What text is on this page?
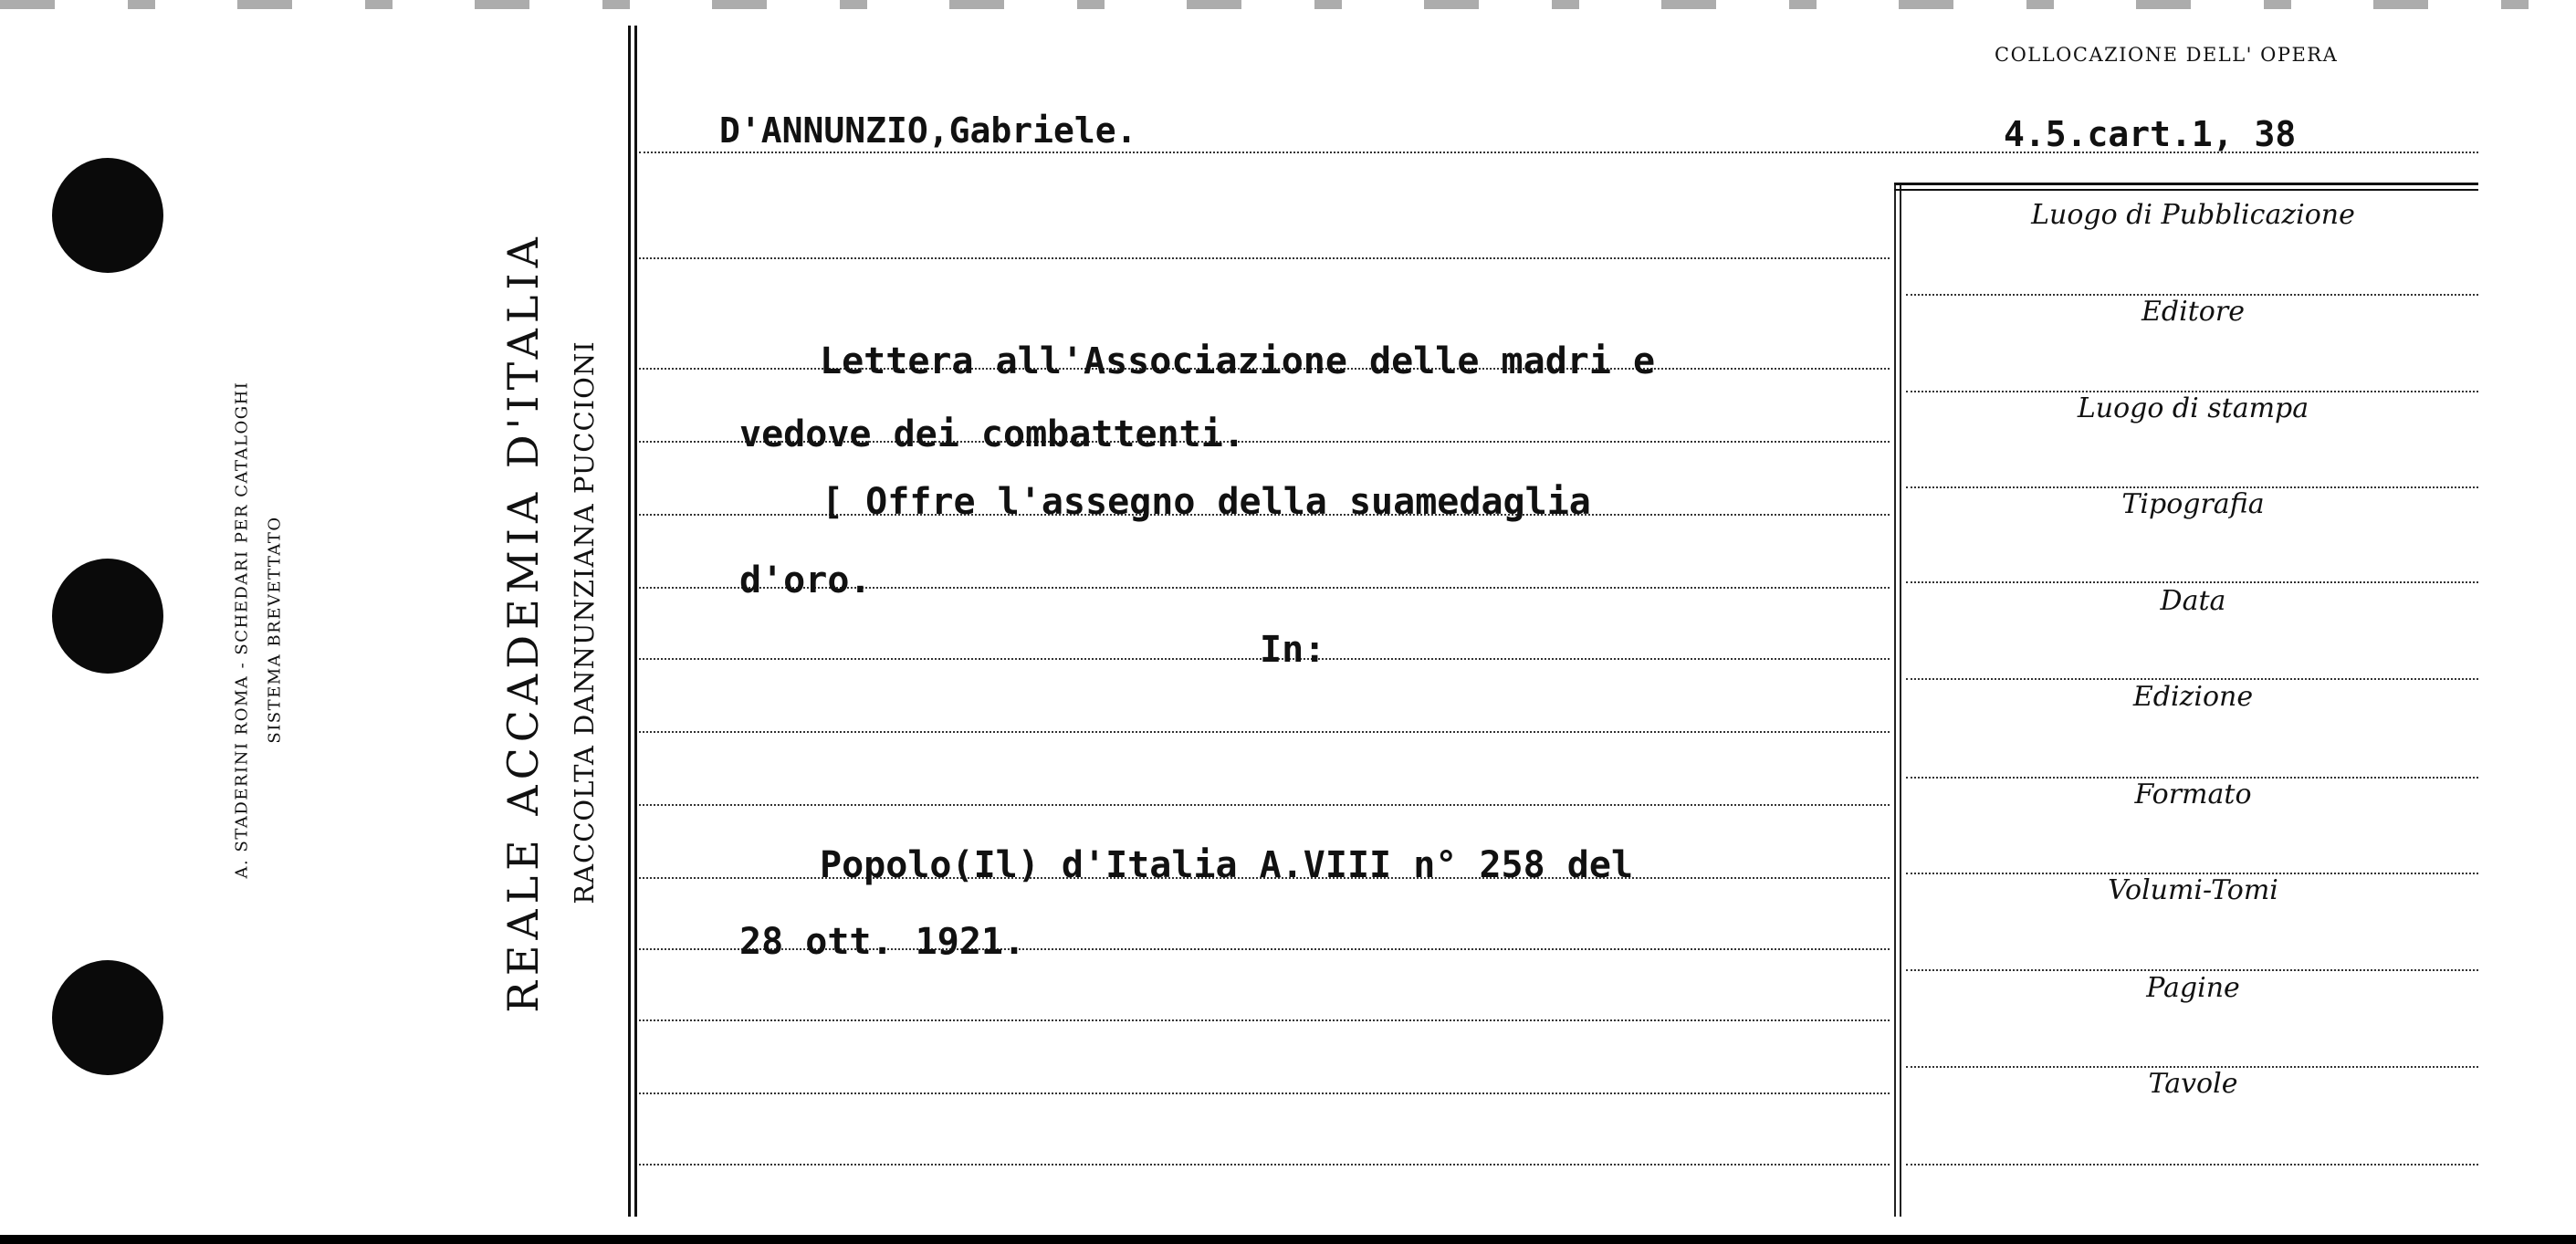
A. STADERINI ROMA - SCHEDARI PER CATALOGHI SISTEMA BREVETTATO	REALE ACCADEMIA D'ITALIA RACCOLTA DANNUNZIANA PUCCIONI
COLLOCAZIONE DELL' OPERA
Luogo di Pubblicazione
Editore
Luogo di stampa
Tipografia
Data
Edizione
Formato
Volumi-Tomi
Pagine
Tavole
D'ANNUNZIO,Gabriele.	4.5.cart.1, 38
Lettera all'Associazione delle madri e
vedove dei combattenti.
[ Offre l'assegno della suamedaglia
d'oro.
In:
Popolo(Il) d'Italia A.VIII n° 258 del
28 ott. 1921.
